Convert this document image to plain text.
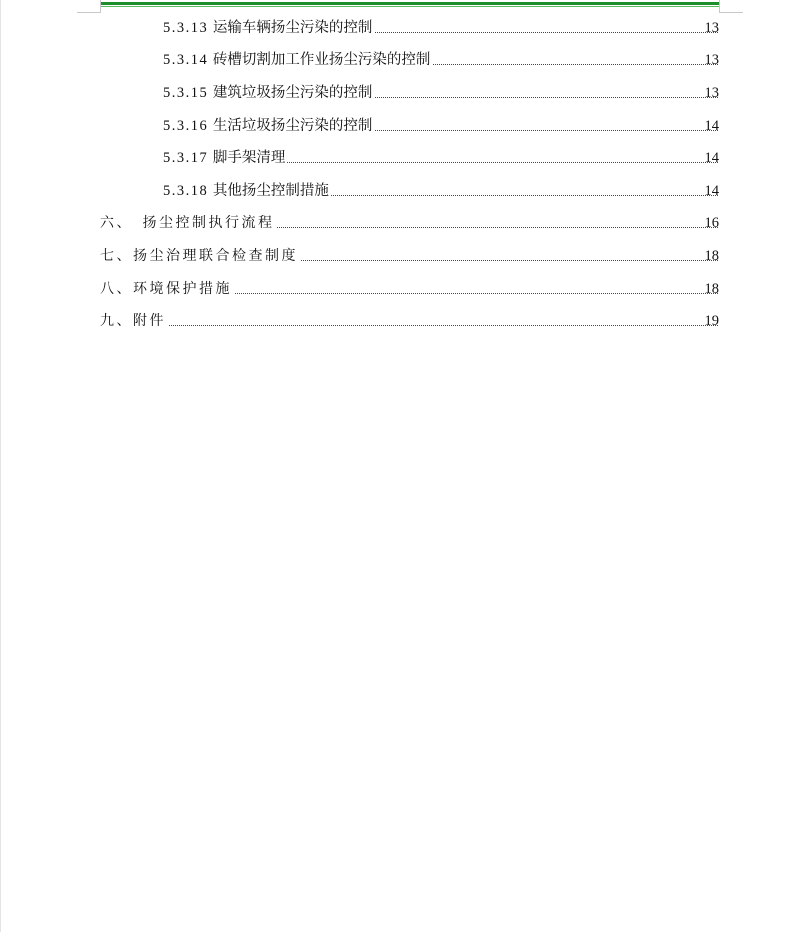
5.3.13 运输车辆扬尘污染的控制	13
5.3.14 砖槽切割加工作业扬尘污染的控制	13
5.3.15 建筑垃圾扬尘污染的控制	13
5.3.16 生活垃圾扬尘污染的控制	14
5.3.17 脚手架清理	14
5.3.18 其他扬尘控制措施	14
六、　扬尘控制执行流程	16
七、扬尘治理联合检查制度	18
八、环境保护措施	18
九、附件	19
